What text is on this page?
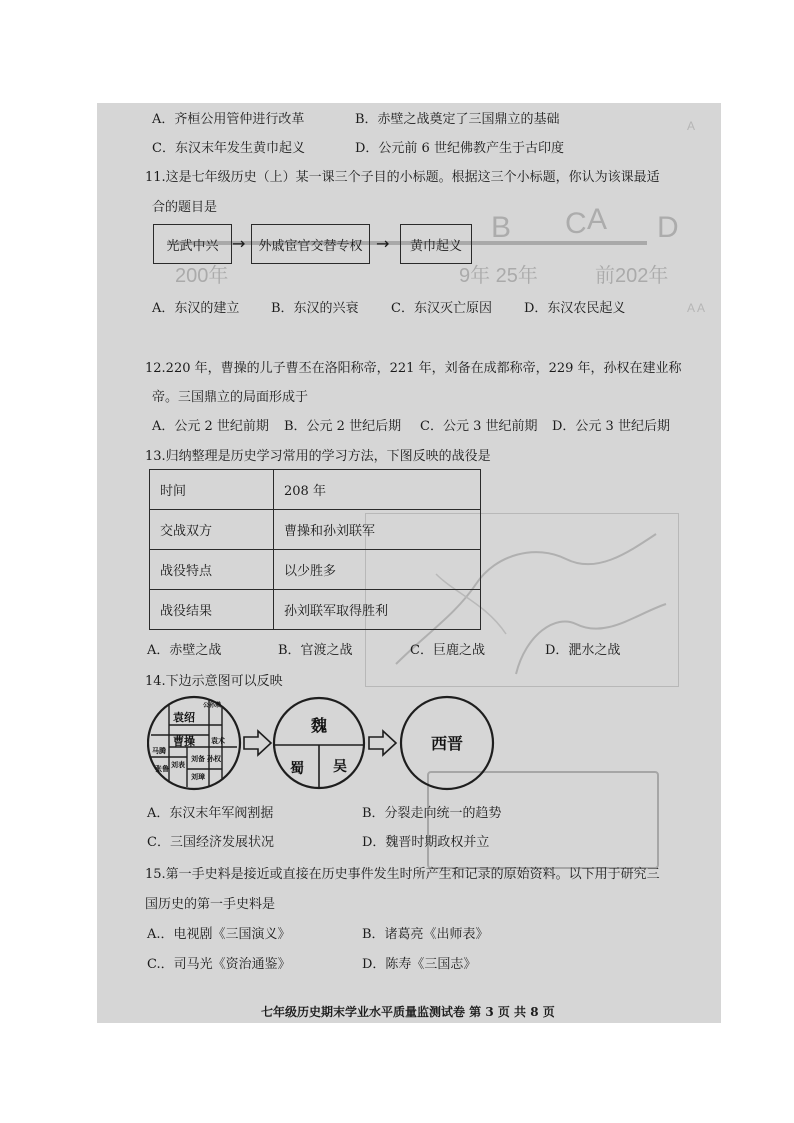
B C D
A
200年	9年 25年	前202年
A
A A
A．齐桓公用管仲进行改革	B．赤壁之战奠定了三国鼎立的基础
C．东汉末年发生黄巾起义	D．公元前 6 世纪佛教产生于古印度
11.这是七年级历史（上）某一课三个子目的小标题。根据这三个小标题，你认为该课最适
合的题目是
光武中兴 → 外戚宦官交替专权 → 黄巾起义
A．东汉的建立 B．东汉的兴衰 C．东汉灭亡原因 D．东汉农民起义
12.220 年，曹操的儿子曹丕在洛阳称帝，221 年，刘备在成都称帝，229 年，孙权在建业称
帝。三国鼎立的局面形成于
A．公元 2 世纪前期 B．公元 2 世纪后期 C．公元 3 世纪前期 D．公元 3 世纪后期
13.归纳整理是历史学习常用的学习方法，下图反映的战役是
时间	208 年
交战双方	曹操和孙刘联军
战役特点	以少胜多
战役结果	孙刘联军取得胜利
A．赤壁之战	B．官渡之战	C．巨鹿之战	D．淝水之战
14.下边示意图可以反映
公孙瓒
袁绍
曹操
马腾
刘表
袁术
刘备 孙权
张鲁
刘璋
魏
蜀 吴
西晋
A．东汉末年军阀割据	B．分裂走向统一的趋势
C．三国经济发展状况	D．魏晋时期政权并立
15.第一手史料是接近或直接在历史事件发生时所产生和记录的原始资料。以下用于研究三
国历史的第一手史料是
A.．电视剧《三国演义》	B．诸葛亮《出师表》
C.．司马光《资治通鉴》	D．陈寿《三国志》
七年级历史期末学业水平质量监测试卷 第 3 页 共 8 页
